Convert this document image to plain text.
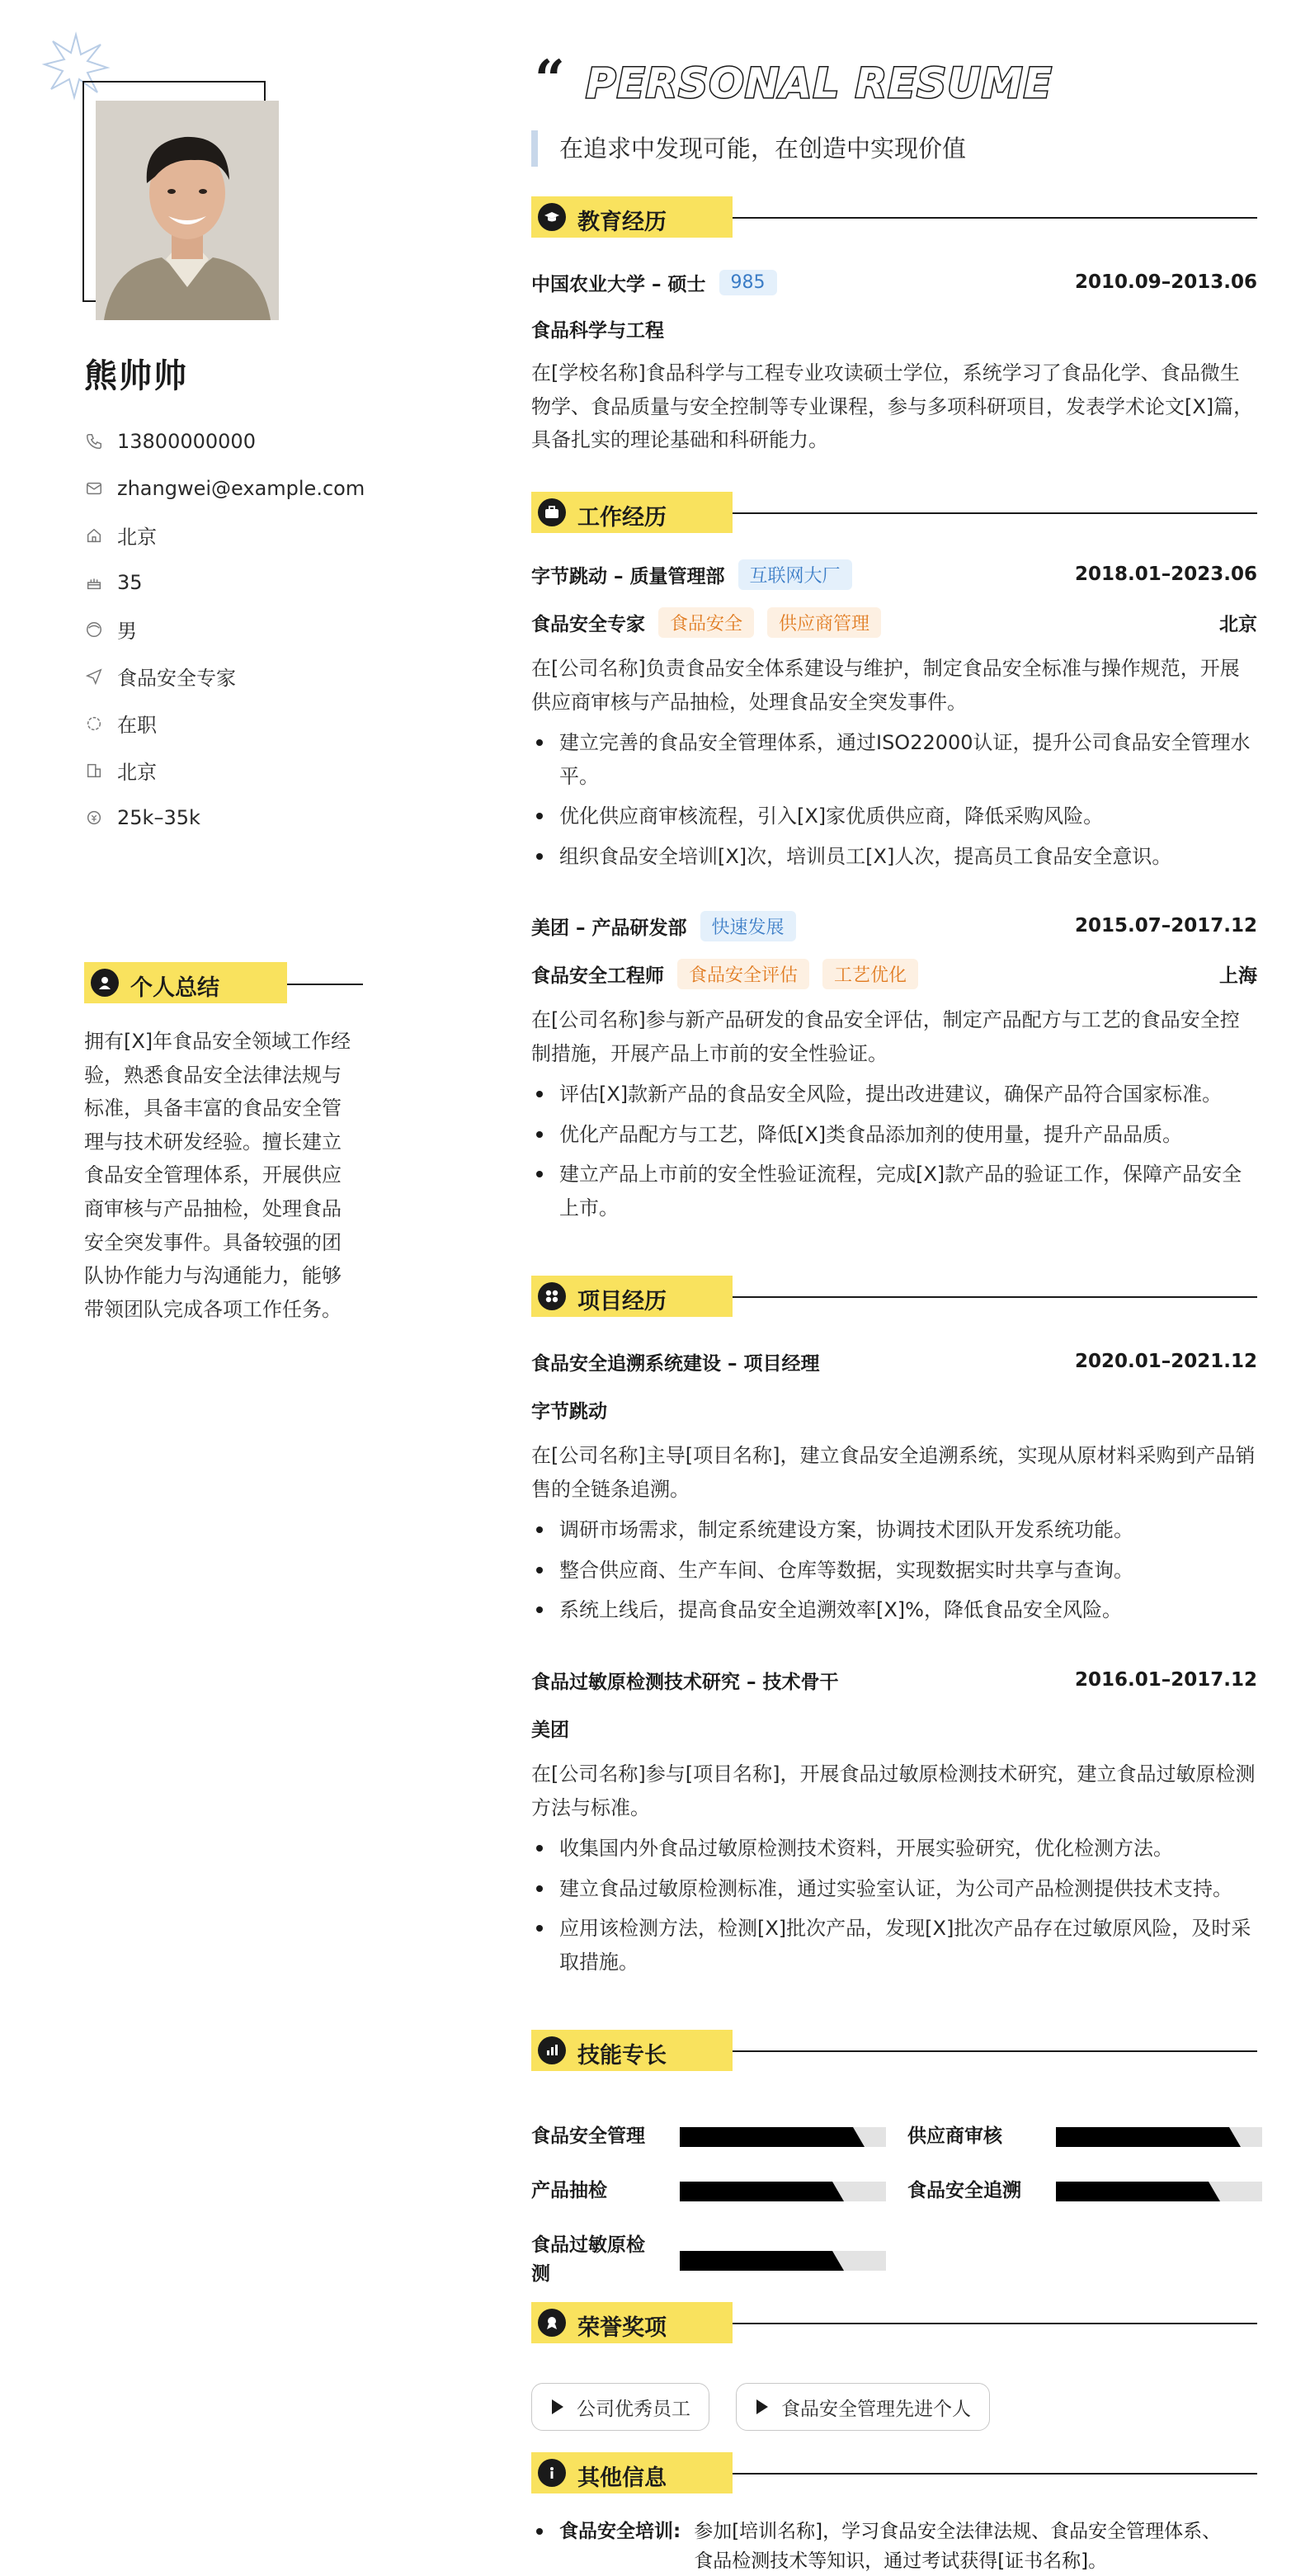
熊帅帅
13800000000
zhangwei@example.com
北京
35
男
食品安全专家
在职
北京
25k–35k
个人总结
拥有[X]年食品安全领域工作经验，熟悉食品安全法律法规与标准，具备丰富的食品安全管理与技术研发经验。擅长建立食品安全管理体系，开展供应商审核与产品抽检，处理食品安全突发事件。具备较强的团队协作能力与沟通能力，能够带领团队完成各项工作任务。
“ PERSONAL RESUME
在追求中发现可能，在创造中实现价值
教育经历
中国农业大学 – 硕士	985	2010.09–2013.06
食品科学与工程
在[学校名称]食品科学与工程专业攻读硕士学位，系统学习了食品化学、食品微生物学、食品质量与安全控制等专业课程，参与多项科研项目，发表学术论文[X]篇，具备扎实的理论基础和科研能力。
工作经历
字节跳动 – 质量管理部	互联网大厂	2018.01–2023.06
食品安全专家	食品安全	供应商管理	北京
在[公司名称]负责食品安全体系建设与维护，制定食品安全标准与操作规范，开展供应商审核与产品抽检，处理食品安全突发事件。
建立完善的食品安全管理体系，通过ISO22000认证，提升公司食品安全管理水平。
优化供应商审核流程，引入[X]家优质供应商，降低采购风险。
组织食品安全培训[X]次，培训员工[X]人次，提高员工食品安全意识。
美团 – 产品研发部	快速发展	2015.07–2017.12
食品安全工程师	食品安全评估	工艺优化	上海
在[公司名称]参与新产品研发的食品安全评估，制定产品配方与工艺的食品安全控制措施，开展产品上市前的安全性验证。
评估[X]款新产品的食品安全风险，提出改进建议，确保产品符合国家标准。
优化产品配方与工艺，降低[X]类食品添加剂的使用量，提升产品品质。
建立产品上市前的安全性验证流程，完成[X]款产品的验证工作，保障产品安全上市。
项目经历
食品安全追溯系统建设 – 项目经理	2020.01–2021.12
字节跳动
在[公司名称]主导[项目名称]，建立食品安全追溯系统，实现从原材料采购到产品销售的全链条追溯。
调研市场需求，制定系统建设方案，协调技术团队开发系统功能。
整合供应商、生产车间、仓库等数据，实现数据实时共享与查询。
系统上线后，提高食品安全追溯效率[X]%，降低食品安全风险。
食品过敏原检测技术研究 – 技术骨干	2016.01–2017.12
美团
在[公司名称]参与[项目名称]，开展食品过敏原检测技术研究，建立食品过敏原检测方法与标准。
收集国内外食品过敏原检测技术资料，开展实验研究，优化检测方法。
建立食品过敏原检测标准，通过实验室认证，为公司产品检测提供技术支持。
应用该检测方法，检测[X]批次产品，发现[X]批次产品存在过敏原风险，及时采取措施。
技能专长
食品安全管理	供应商审核
产品抽检	食品安全追溯
食品过敏原检测
荣誉奖项
公司优秀员工	食品安全管理先进个人
其他信息
食品安全培训: 参加[培训名称]，学习食品安全法律法规、食品安全管理体系、食品检测技术等知识，通过考试获得[证书名称]。
